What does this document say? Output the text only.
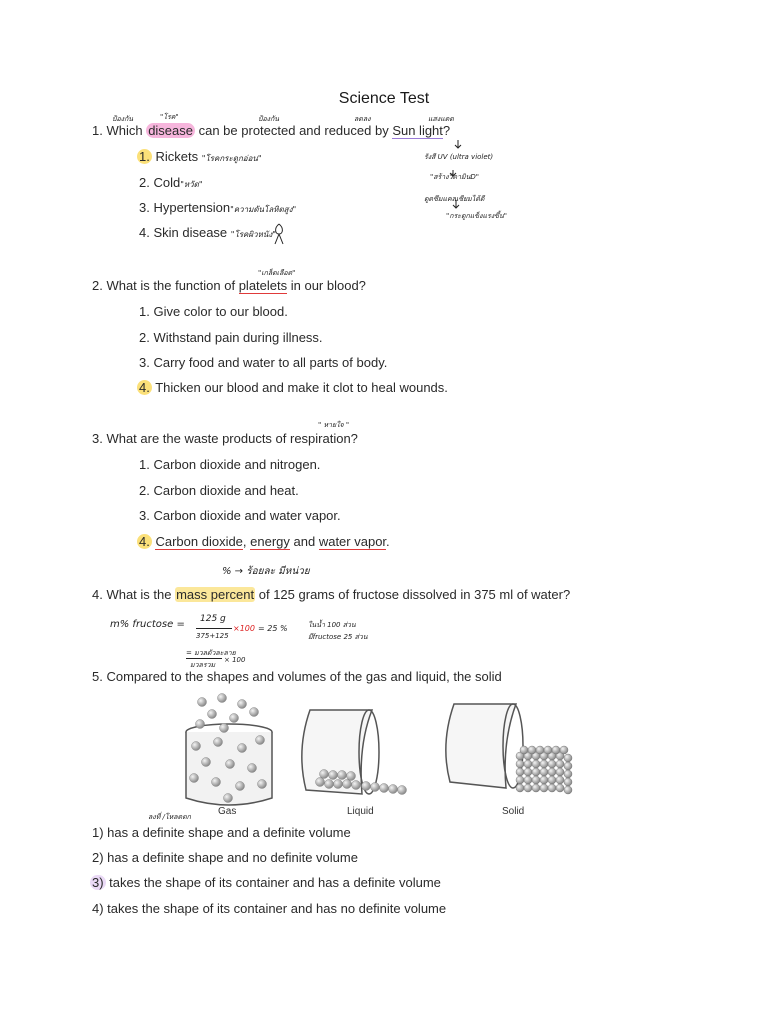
Science Test
ป้องกัน	"โรค"	ป้องกัน	ลดลง	แสงแดด
1. Which disease can be protected and reduced by Sun light?
1. Rickets "โรคกระดูกอ่อน"
2. Cold"หวัด"
3. Hypertension"ความดันโลหิตสูง"
4. Skin disease "โรคผิวหนัง"
รังสี UV (ultra violet)
"สร้างวิตามินD"
ดูดซึมแคลเซียมได้ดี
"กระดูกแข็งแรงขึ้น"
"เกล็ดเลือด"
2. What is the function of platelets in our blood?
1. Give color to our blood.
2. Withstand pain during illness.
3. Carry food and water to all parts of body.
4. Thicken our blood and make it clot to heal wounds.
" หายใจ "
3. What are the waste products of respiration?
1. Carbon dioxide and nitrogen.
2. Carbon dioxide and heat.
3. Carbon dioxide and water vapor.
4. Carbon dioxide, energy and water vapor.
% → ร้อยละ มีหน่วย
4. What is the mass percent of 125 grams of fructose dissolved in 375 ml of water?
m% fructose = 125 g
375+125
×100 = 25 %
= มวลตัวละลาย
มวลรวม
× 100
ในน้ำ 100 ส่วน
มีfructose 25 ส่วน
5. Compared to the shapes and volumes of the gas and liquid, the solid
Gas	Liquid	Solid
ลงที่ /โหลดตก
1) has a definite shape and a definite volume
2) has a definite shape and no definite volume
3) takes the shape of its container and has a definite volume
4) takes the shape of its container and has no definite volume
